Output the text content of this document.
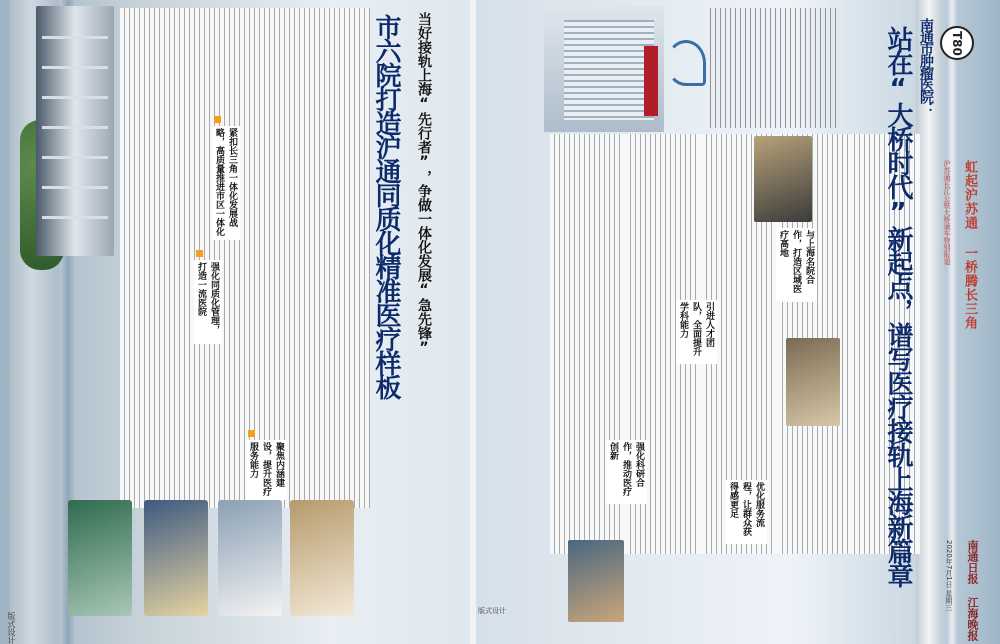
紧扣长三角一体化发展战略，高质量推进市区一体化
聚焦内涵建设，提升医疗服务能力
强化同质化管理，打造一流医院	市六院打造沪通同质化精准医疗样板 当好接轨上海“先行者”，争做一体化发展“急先锋”
版式设计
与上海名院合作，打造区域医疗高地
引进人才团队，全面提升学科能力
强化科研合作，推动医疗创新
优化服务流程，让群众获得感更足	站在“大桥时代”新起点，谱写医疗接轨上海新篇章 南通市肿瘤医院：	T80
虹起沪苏通 一桥腾长三角
沪苏通长江公铁大桥通车特别报道
南通日报 江海晚报
2020年7月1日 星期三
版式设计
